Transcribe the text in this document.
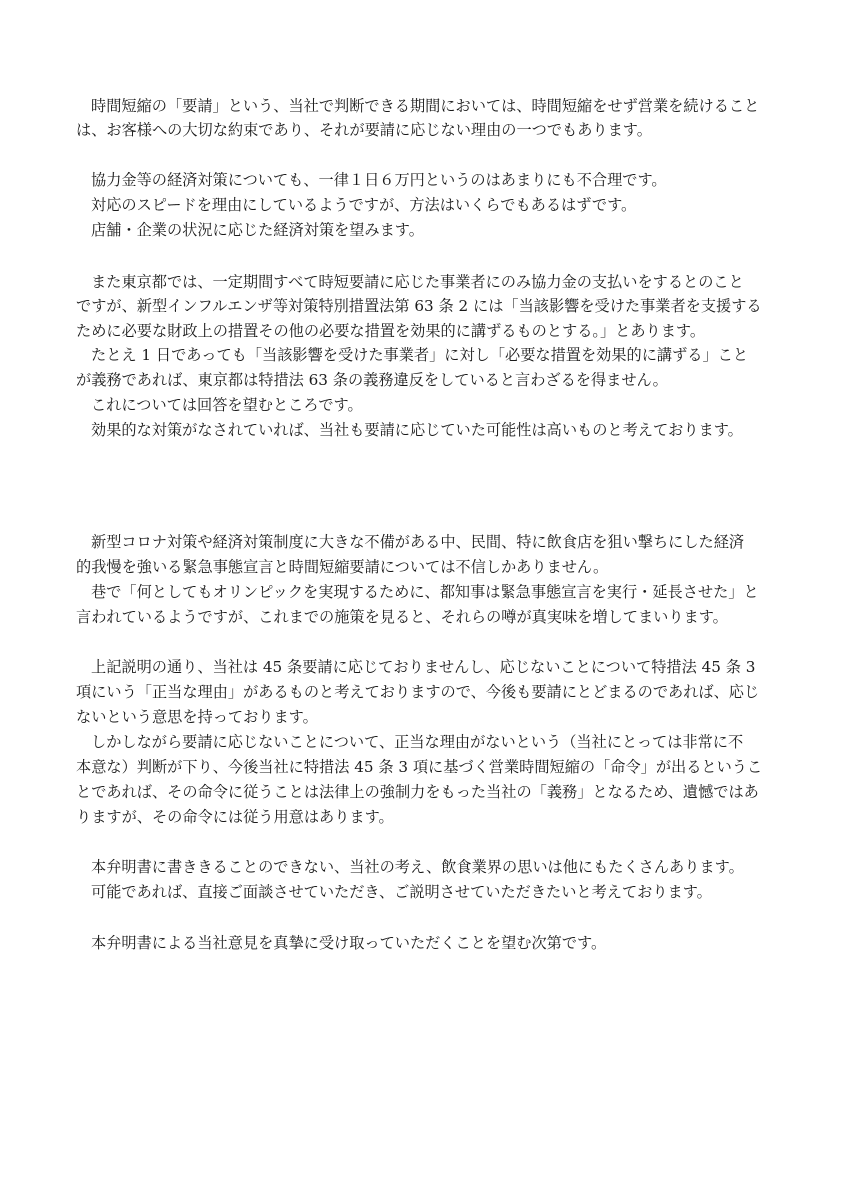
時間短縮の「要請」という、当社で判断できる期間においては、時間短縮をせず営業を続けること
は、お客様への大切な約束であり、それが要請に応じない理由の一つでもあります。
協力金等の経済対策についても、一律１日６万円というのはあまりにも不合理です。
対応のスピードを理由にしているようですが、方法はいくらでもあるはずです。
店舗・企業の状況に応じた経済対策を望みます。
また東京都では、一定期間すべて時短要請に応じた事業者にのみ協力金の支払いをするとのこと
ですが、新型インフルエンザ等対策特別措置法第 63 条 2 には「当該影響を受けた事業者を支援する
ために必要な財政上の措置その他の必要な措置を効果的に講ずるものとする。」とあります。
たとえ 1 日であっても「当該影響を受けた事業者」に対し「必要な措置を効果的に講ずる」こと
が義務であれば、東京都は特措法 63 条の義務違反をしていると言わざるを得ません。
これについては回答を望むところです。
効果的な対策がなされていれば、当社も要請に応じていた可能性は高いものと考えております。
新型コロナ対策や経済対策制度に大きな不備がある中、民間、特に飲食店を狙い撃ちにした経済
的我慢を強いる緊急事態宣言と時間短縮要請については不信しかありません。
巷で「何としてもオリンピックを実現するために、都知事は緊急事態宣言を実行・延長させた」と
言われているようですが、これまでの施策を見ると、それらの噂が真実味を増してまいります。
上記説明の通り、当社は 45 条要請に応じておりませんし、応じないことについて特措法 45 条 3
項にいう「正当な理由」があるものと考えておりますので、今後も要請にとどまるのであれば、応じ
ないという意思を持っております。
しかしながら要請に応じないことについて、正当な理由がないという（当社にとっては非常に不
本意な）判断が下り、今後当社に特措法 45 条 3 項に基づく営業時間短縮の「命令」が出るというこ
とであれば、その命令に従うことは法律上の強制力をもった当社の「義務」となるため、遺憾ではあ
りますが、その命令には従う用意はあります。
本弁明書に書ききることのできない、当社の考え、飲食業界の思いは他にもたくさんあります。
可能であれば、直接ご面談させていただき、ご説明させていただきたいと考えております。
本弁明書による当社意見を真摯に受け取っていただくことを望む次第です。
